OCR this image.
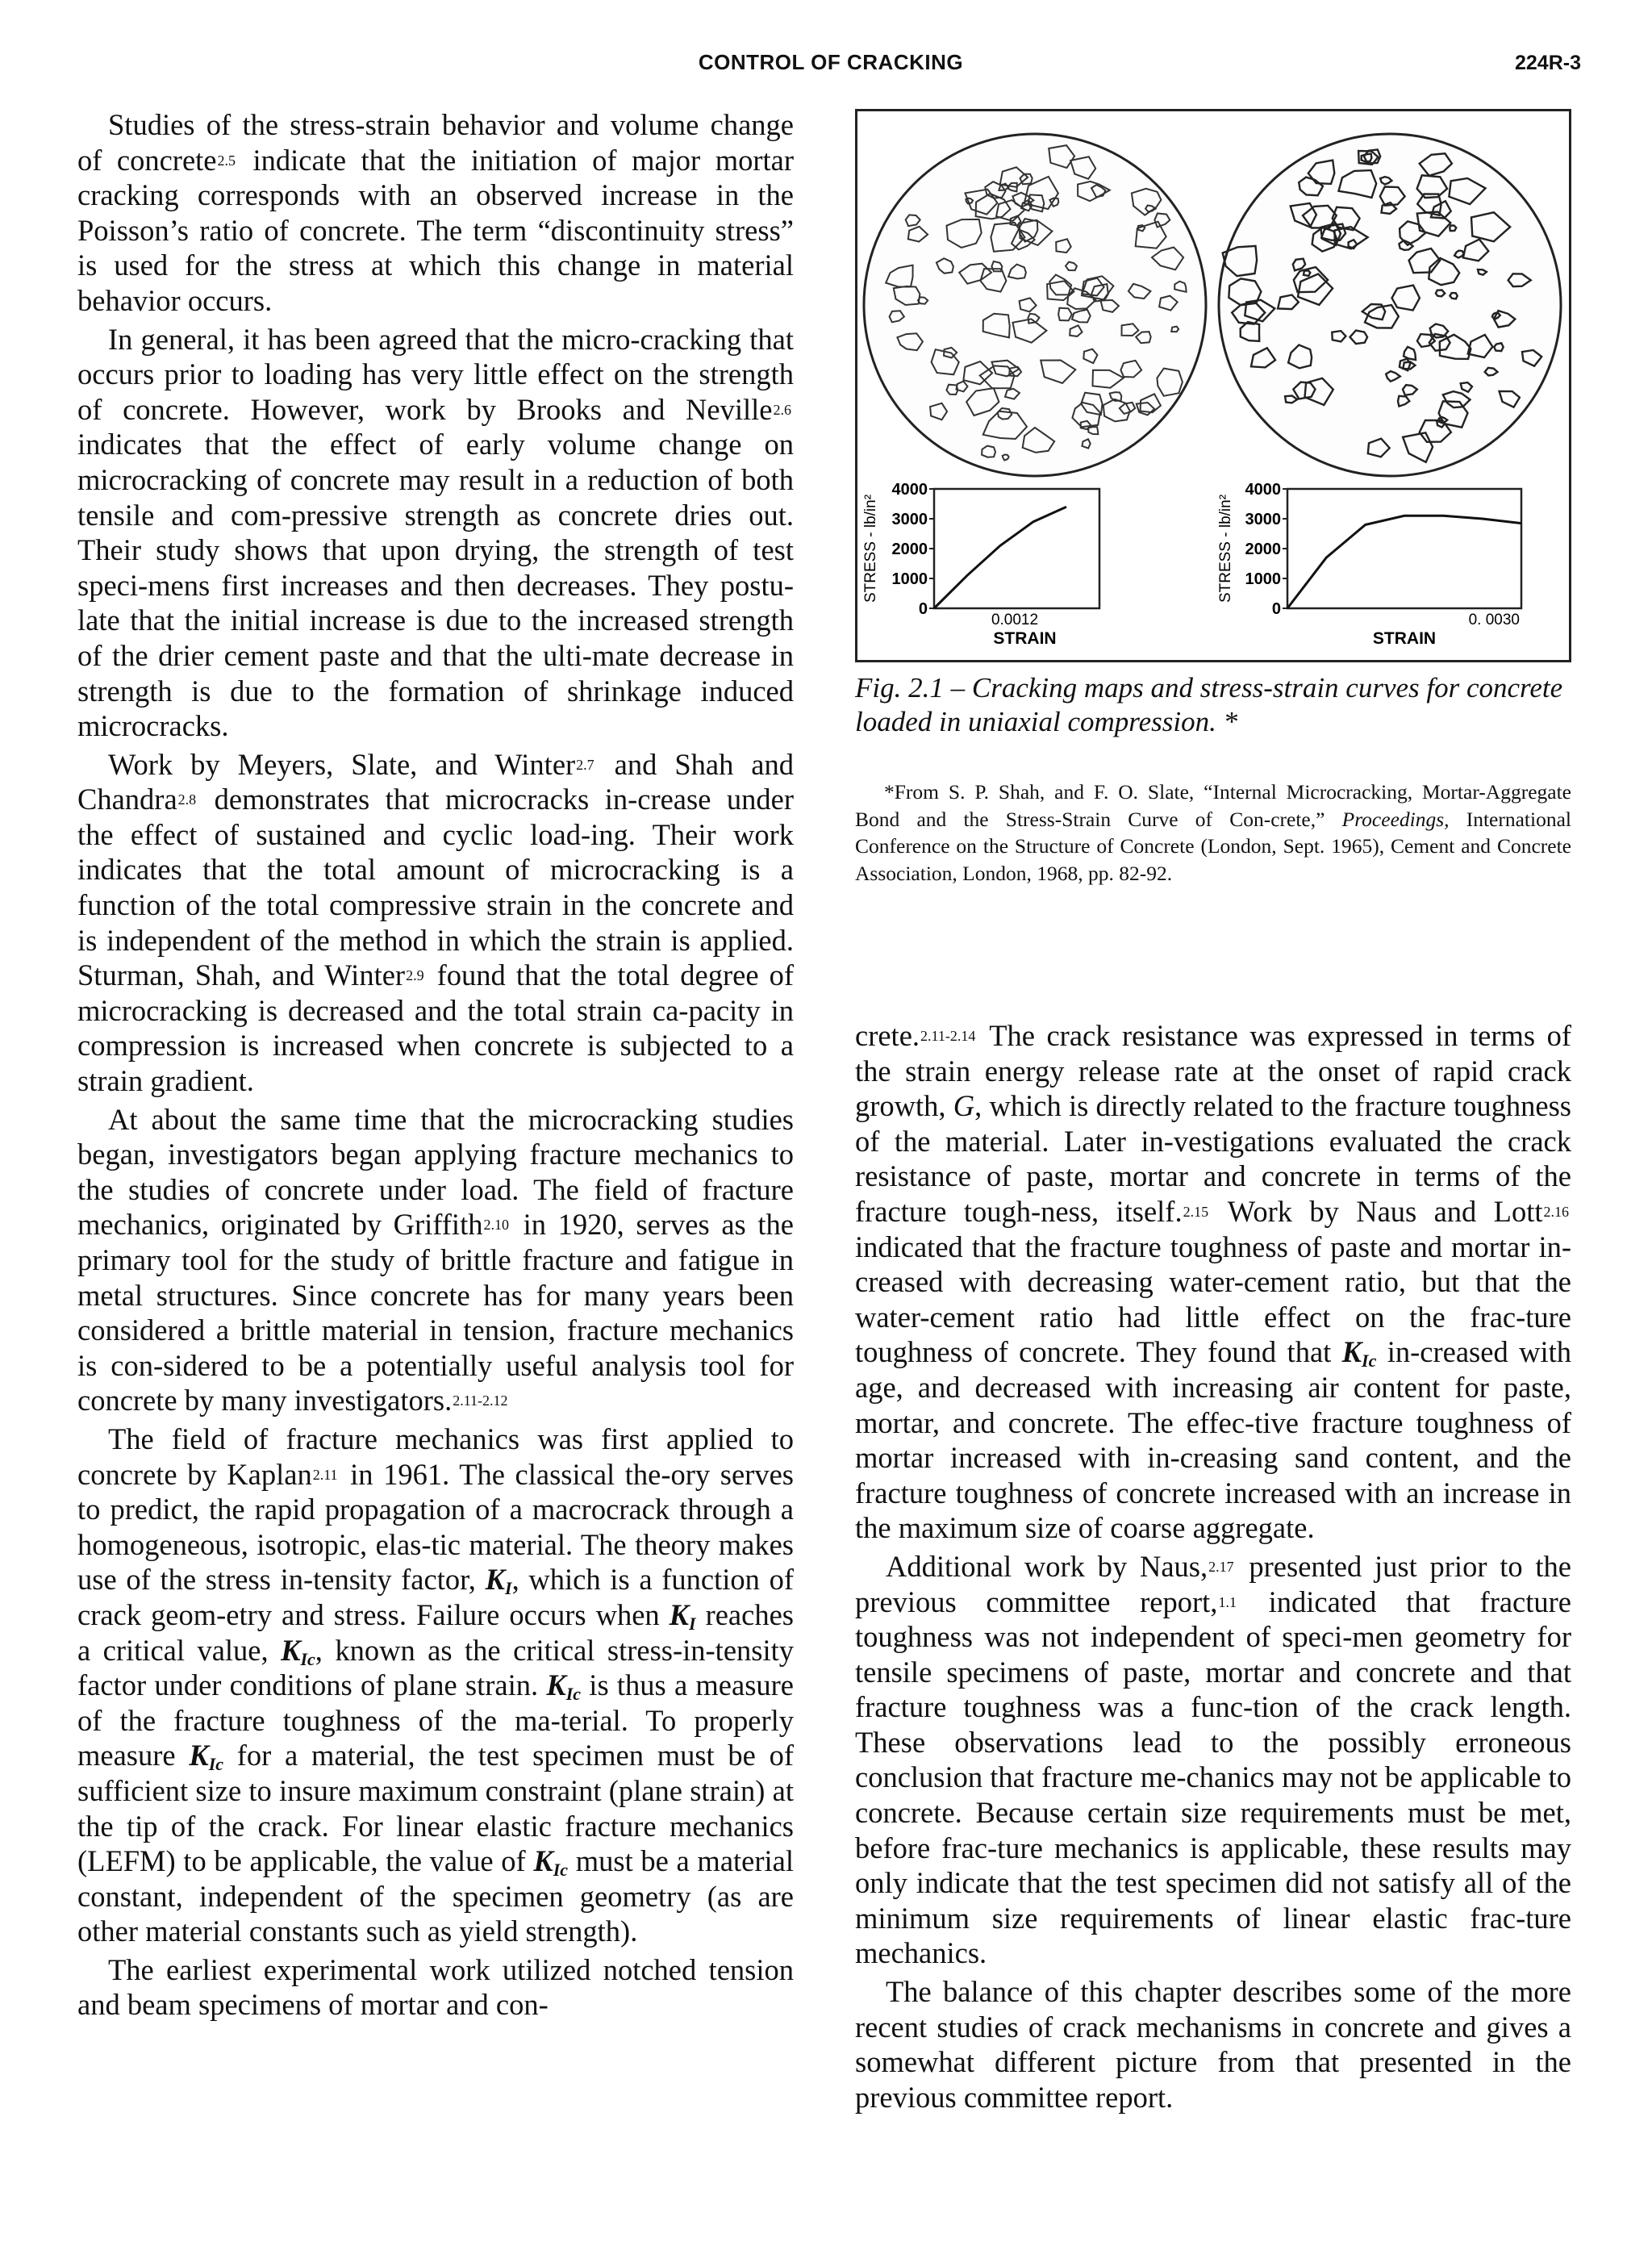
CONTROL OF CRACKING	224R-3

Studies of the stress-strain behavior and volume change of concrete$^{2.5}$ indicate that the initiation of major mortar cracking corresponds with an observed increase in the Poisson’s ratio of concrete. The term “discontinuity stress” is used for the stress at which this change in material behavior occurs.

In general, it has been agreed that the micro-cracking that occurs prior to loading has very little effect on the strength of concrete. However, work by Brooks and Neville$^{2.6}$ indicates that the effect of early volume change on microcracking of concrete may result in a reduction of both tensile and com-pressive strength as concrete dries out. Their study shows that upon drying, the strength of test speci-mens first increases and then decreases. They postu-late that the initial increase is due to the increased strength of the drier cement paste and that the ulti-mate decrease in strength is due to the formation of shrinkage induced microcracks.

Work by Meyers, Slate, and Winter$^{2.7}$ and Shah and Chandra$^{2.8}$ demonstrates that microcracks in-crease under the effect of sustained and cyclic load-ing. Their work indicates that the total amount of microcracking is a function of the total compressive strain in the concrete and is independent of the method in which the strain is applied. Sturman, Shah, and Winter$^{2.9}$ found that the total degree of microcracking is decreased and the total strain ca-pacity in compression is increased when concrete is subjected to a strain gradient.

At about the same time that the microcracking studies began, investigators began applying fracture mechanics to the studies of concrete under load. The field of fracture mechanics, originated by Griffith$^{2.10}$ in 1920, serves as the primary tool for the study of brittle fracture and fatigue in metal structures. Since concrete has for many years been considered a brittle material in tension, fracture mechanics is con-sidered to be a potentially useful analysis tool for concrete by many investigators.$^{2.11-2.12}$

The field of fracture mechanics was first applied to concrete by Kaplan$^{2.11}$ in 1961. The classical the-ory serves to predict, the rapid propagation of a macrocrack through a homogeneous, isotropic, elas-tic material. The theory makes use of the stress in-tensity factor, $K_I$, which is a function of crack geom-etry and stress. Failure occurs when $K_I$ reaches a critical value, $K_{Ic}$, known as the critical stress-in-tensity factor under conditions of plane strain. $K_{Ic}$ is thus a measure of the fracture toughness of the ma-terial. To properly measure $K_{Ic}$ for a material, the test specimen must be of sufficient size to insure maximum constraint (plane strain) at the tip of the crack. For linear elastic fracture mechanics (LEFM) to be applicable, the value of $K_{Ic}$ must be a material constant, independent of the specimen geometry (as are other material constants such as yield strength).

The earliest experimental work utilized notched tension and beam specimens of mortar and con-

4000
3000
2000
1000
0
STRESS - lb/in²
0.0012
STRAIN
4000
3000
2000
1000
0
STRESS - lb/in²
0. 0030
STRAIN
Fig. 2.1 – Cracking maps and stress-strain curves for concrete loaded in uniaxial compression. *
*From S. P. Shah, and F. O. Slate, “Internal Microcracking, Mortar-Aggregate Bond and the Stress-Strain Curve of Con-crete,” Proceedings, International Conference on the Structure of Concrete (London, Sept. 1965), Cement and Concrete Association, London, 1968, pp. 82-92.

crete.$^{2.11-2.14}$ The crack resistance was expressed in terms of the strain energy release rate at the onset of rapid crack growth, G, which is directly related to the fracture toughness of the material. Later in-vestigations evaluated the crack resistance of paste, mortar and concrete in terms of the fracture tough-ness, itself.$^{2.15}$ Work by Naus and Lott$^{2.16}$ indicated that the fracture toughness of paste and mortar in-creased with decreasing water-cement ratio, but that the water-cement ratio had little effect on the frac-ture toughness of concrete. They found that $K_{Ic}$ in-creased with age, and decreased with increasing air content for paste, mortar, and concrete. The effec-tive fracture toughness of mortar increased with in-creasing sand content, and the fracture toughness of concrete increased with an increase in the maximum size of coarse aggregate.

Additional work by Naus,$^{2.17}$ presented just prior to the previous committee report,$^{1.1}$ indicated that fracture toughness was not independent of speci-men geometry for tensile specimens of paste, mortar and concrete and that fracture toughness was a func-tion of the crack length. These observations lead to the possibly erroneous conclusion that fracture me-chanics may not be applicable to concrete. Because certain size requirements must be met, before frac-ture mechanics is applicable, these results may only indicate that the test specimen did not satisfy all of the minimum size requirements of linear elastic frac-ture mechanics.

The balance of this chapter describes some of the more recent studies of crack mechanisms in concrete and gives a somewhat different picture from that presented in the previous committee report.
